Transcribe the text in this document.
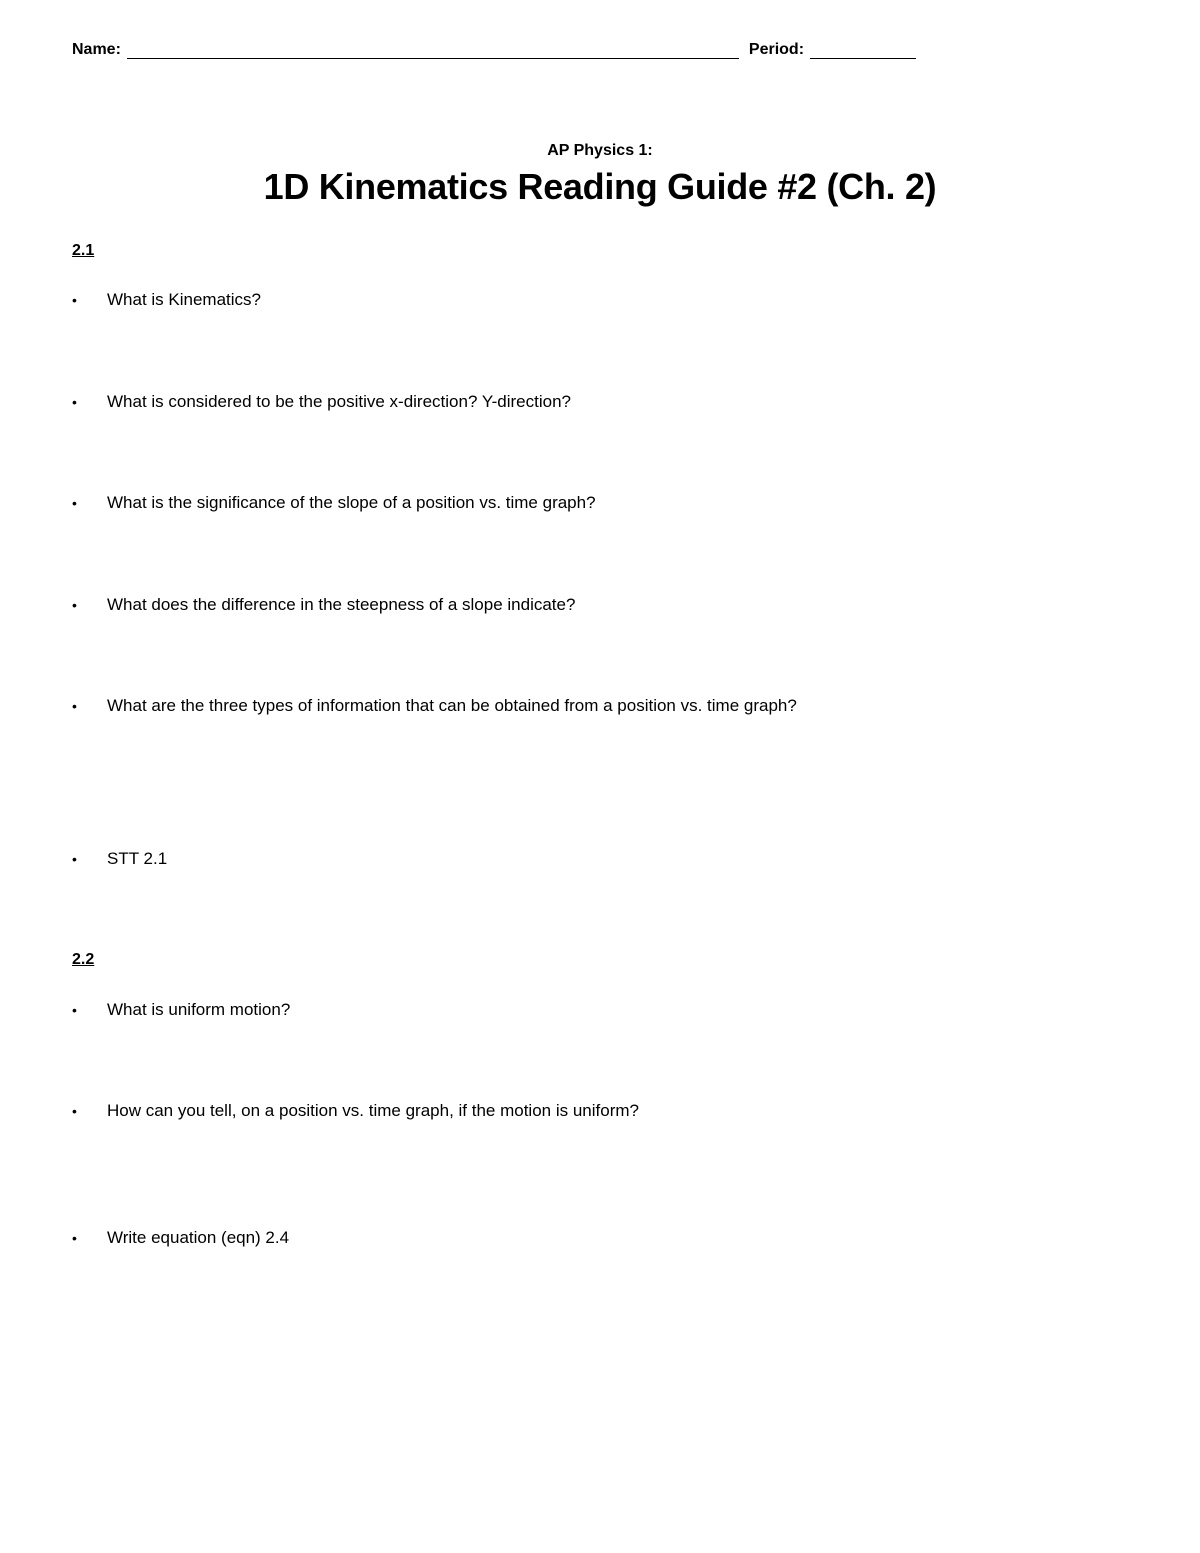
Name:	Period:
AP Physics 1:
1D Kinematics Reading Guide #2 (Ch. 2)
2.1
•	What is Kinematics?
•	What is considered to be the positive x-direction? Y-direction?
•	What is the significance of the slope of a position vs. time graph?
•	What does the difference in the steepness of a slope indicate?
•	What are the three types of information that can be obtained from a position vs. time graph?
•	STT 2.1
2.2
•	What is uniform motion?
•	How can you tell, on a position vs. time graph, if the motion is uniform?
•	Write equation (eqn) 2.4
